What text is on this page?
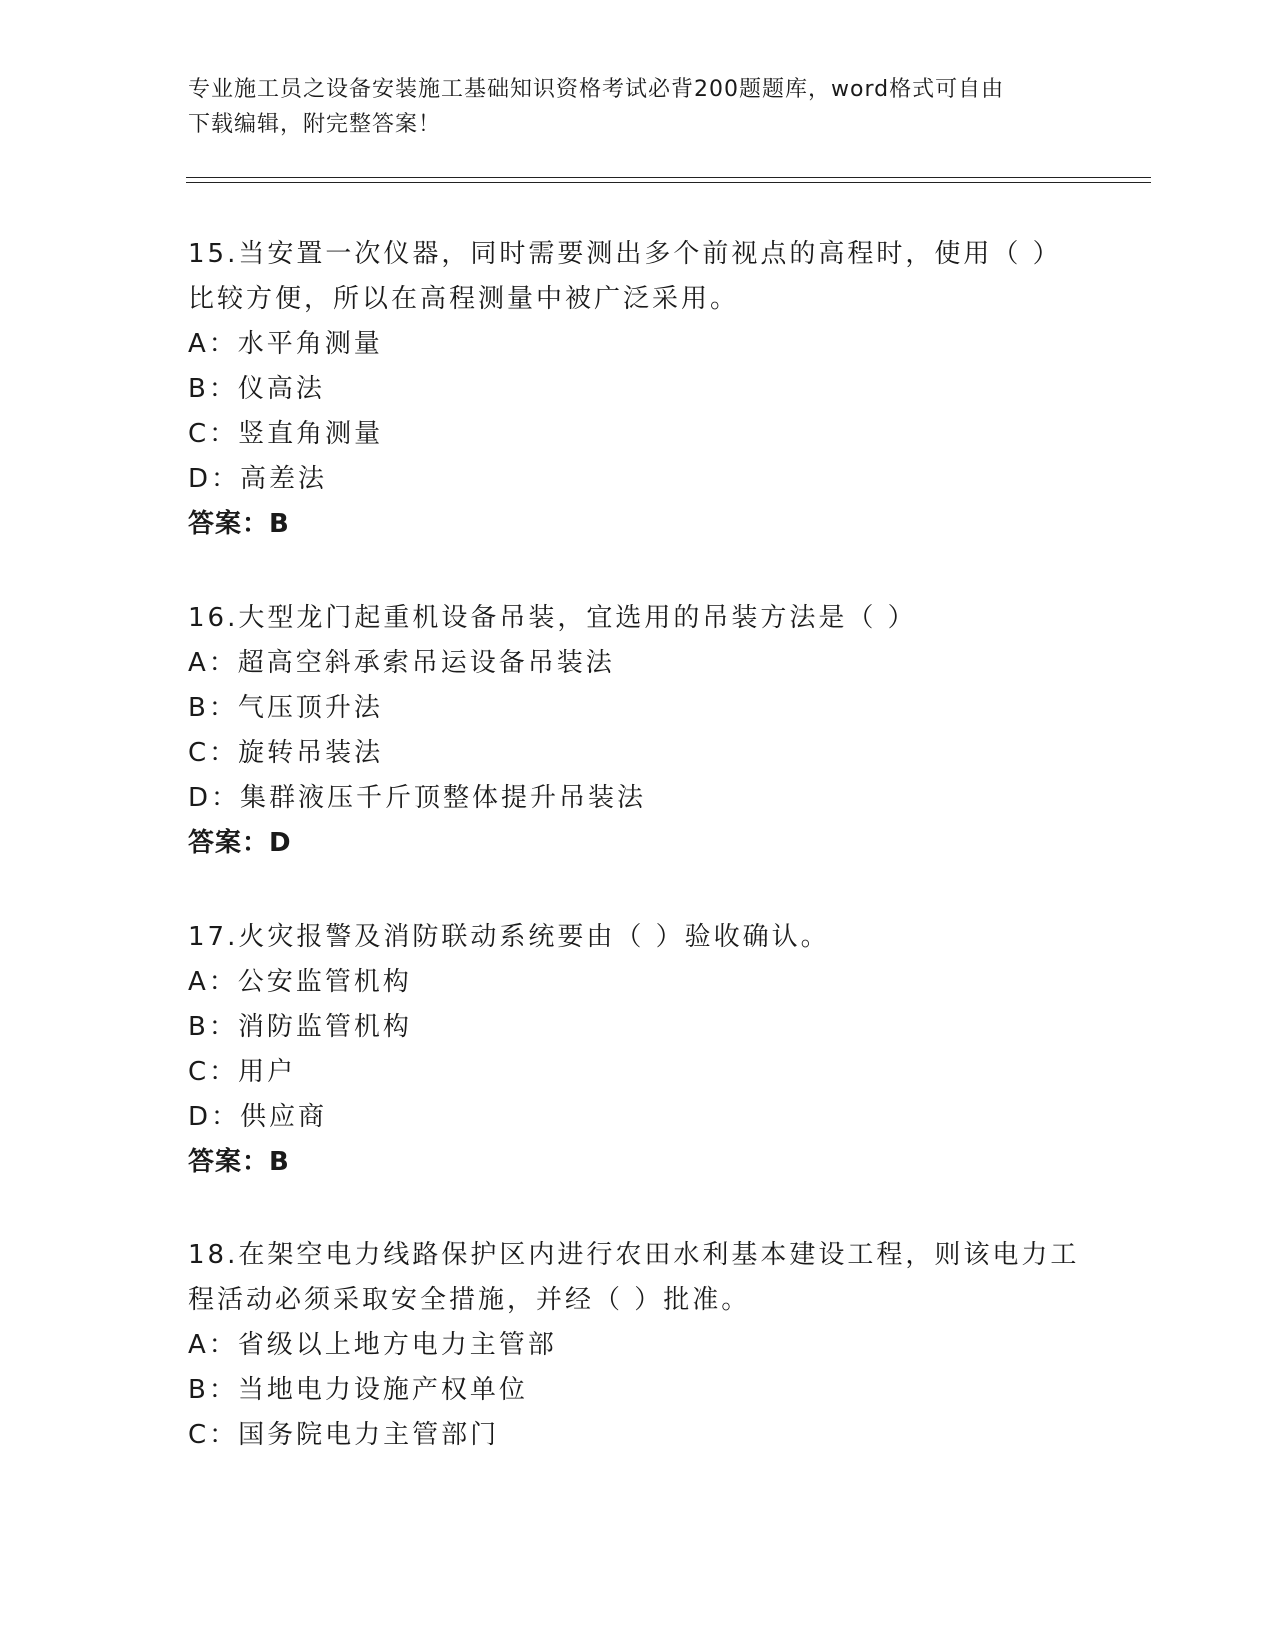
专业施工员之设备安装施工基础知识资格考试必背200题题库，word格式可自由
下载编辑，附完整答案！
15.当安置一次仪器，同时需要测出多个前视点的高程时，使用（ ）
比较方便，所以在高程测量中被广泛采用。
A：水平角测量
B：仪高法
C：竖直角测量
D：高差法
答案：B
16.大型龙门起重机设备吊装，宜选用的吊装方法是（ ）
A：超高空斜承索吊运设备吊装法
B：气压顶升法
C：旋转吊装法
D：集群液压千斤顶整体提升吊装法
答案：D
17.火灾报警及消防联动系统要由（ ）验收确认。
A：公安监管机构
B：消防监管机构
C：用户
D：供应商
答案：B
18.在架空电力线路保护区内进行农田水利基本建设工程，则该电力工
程活动必须采取安全措施，并经（ ）批准。
A：省级以上地方电力主管部
B：当地电力设施产权单位
C：国务院电力主管部门
